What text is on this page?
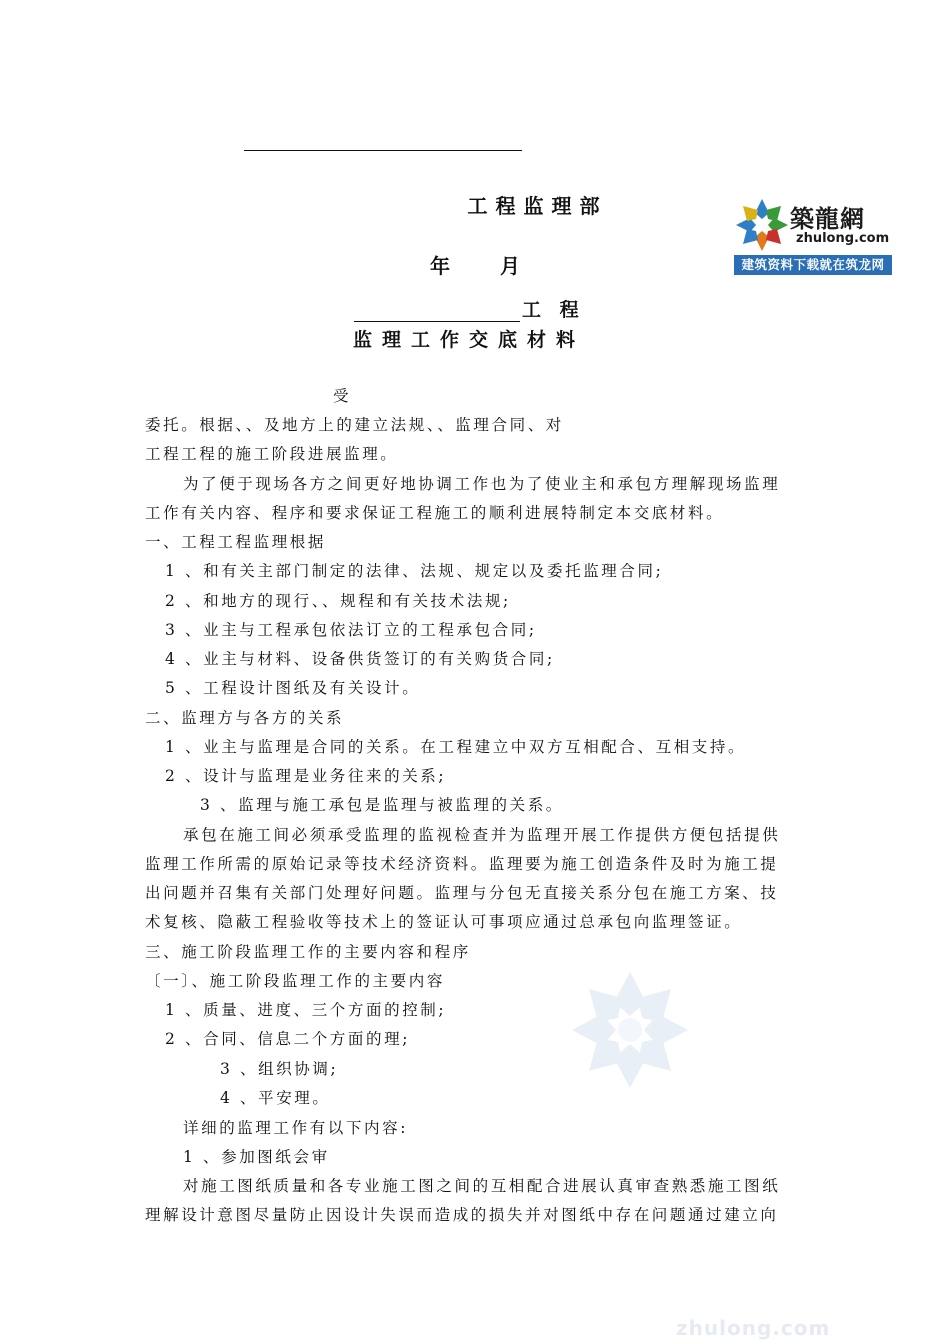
zhulong.com
工程监理部
年	月
工 程
监理工作交底材料
築龍網
zhulong.com
建筑资料下载就在筑龙网
受
委托。根据、、及地方上的建立法规、、监理合同、对
工程工程的施工阶段进展监理。
为了便于现场各方之间更好地协调工作也为了使业主和承包方理解现场监理
工作有关内容、程序和要求保证工程施工的顺利进展特制定本交底材料。
一、工程工程监理根据
1 、和有关主部门制定的法律、法规、规定以及委托监理合同;
2 、和地方的现行、、规程和有关技术法规;
3 、业主与工程承包依法订立的工程承包合同;
4 、业主与材料、设备供货签订的有关购货合同;
5 、工程设计图纸及有关设计。
二、监理方与各方的关系
1 、业主与监理是合同的关系。在工程建立中双方互相配合、互相支持。
2 、设计与监理是业务往来的关系;
3 、监理与施工承包是监理与被监理的关系。
承包在施工间必须承受监理的监视检查并为监理开展工作提供方便包括提供
监理工作所需的原始记录等技术经济资料。监理要为施工创造条件及时为施工提
出问题并召集有关部门处理好问题。监理与分包无直接关系分包在施工方案、技
术复核、隐蔽工程验收等技术上的签证认可事项应通过总承包向监理签证。
三、施工阶段监理工作的主要内容和程序
〔一〕、施工阶段监理工作的主要内容
1 、质量、进度、三个方面的控制;
2 、合同、信息二个方面的理;
3 、组织协调;
4 、平安理。
详细的监理工作有以下内容:
1 、参加图纸会审
对施工图纸质量和各专业施工图之间的互相配合进展认真审查熟悉施工图纸
理解设计意图尽量防止因设计失误而造成的损失并对图纸中存在问题通过建立向
